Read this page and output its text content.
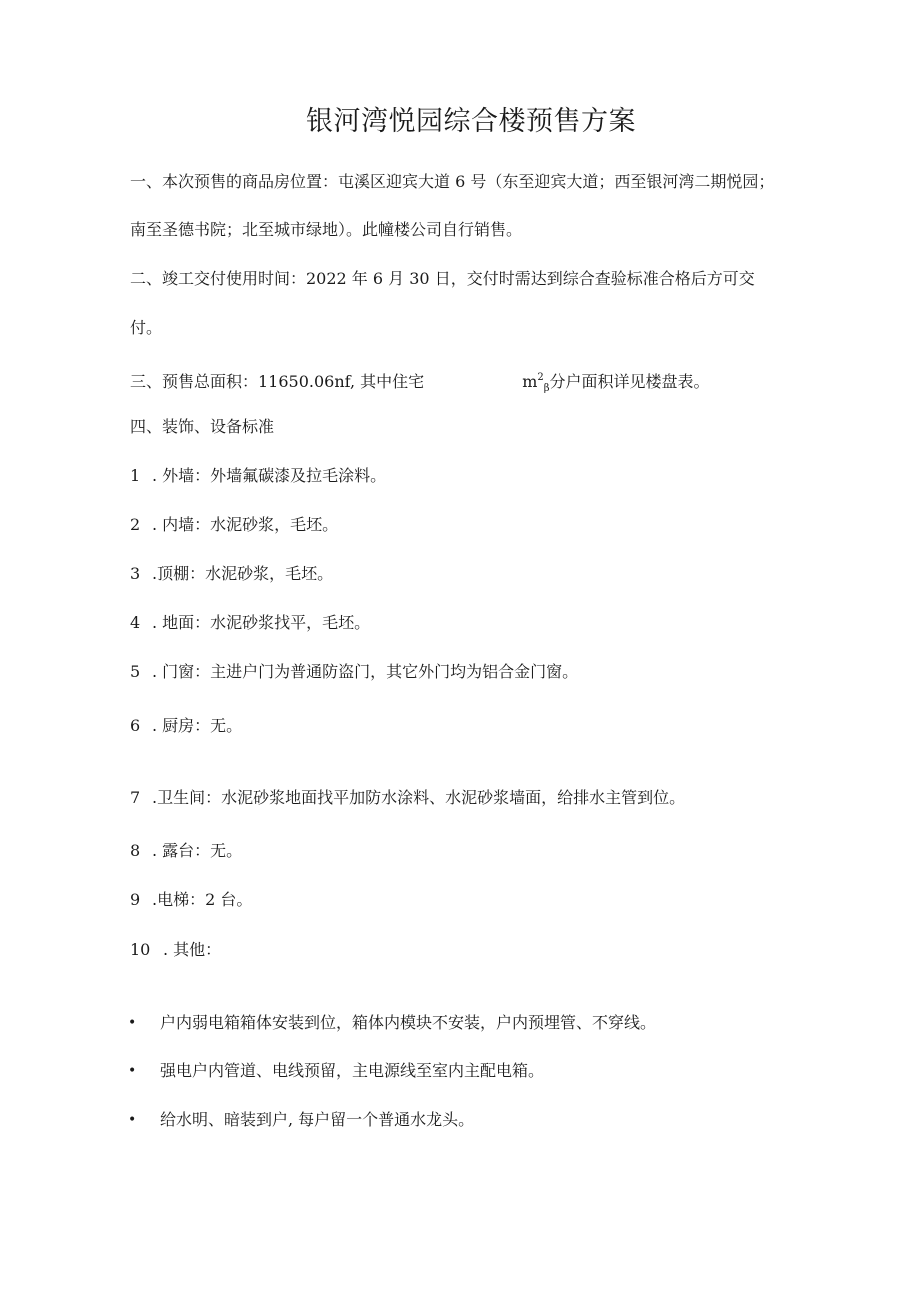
银河湾悦园综合楼预售方案

一、本次预售的商品房位置：屯溪区迎宾大道 6 号（东至迎宾大道；西至银河湾二期悦园；

南至圣德书院；北至城市绿地）。此幢楼公司自行销售。

二、竣工交付使用时间：2022 年 6 月 30 日，交付时需达到综合查验标准合格后方可交

付。

三、预售总面积：11650.06nf, 其中住宅	$m^2_\beta$分户面积详见楼盘表。

四、装饰、设备标准

1 . 外墙：外墙氟碳漆及拉毛涂料。

2 . 内墙：水泥砂浆，毛坯。

3 .顶棚：水泥砂浆，毛坯。

4 . 地面：水泥砂浆找平，毛坯。

5 . 门窗：主进户门为普通防盗门，其它外门均为铝合金门窗。

6 . 厨房：无。

7 .卫生间：水泥砂浆地面找平加防水涂料、水泥砂浆墙面，给排水主管到位。

8 . 露台：无。

9 .电梯：2 台。

10 . 其他：

• 户内弱电箱箱体安装到位，箱体内模块不安装，户内预埋管、不穿线。
• 强电户内管道、电线预留，主电源线至室内主配电箱。
• 给水明、暗装到户, 每户留一个普通水龙头。
